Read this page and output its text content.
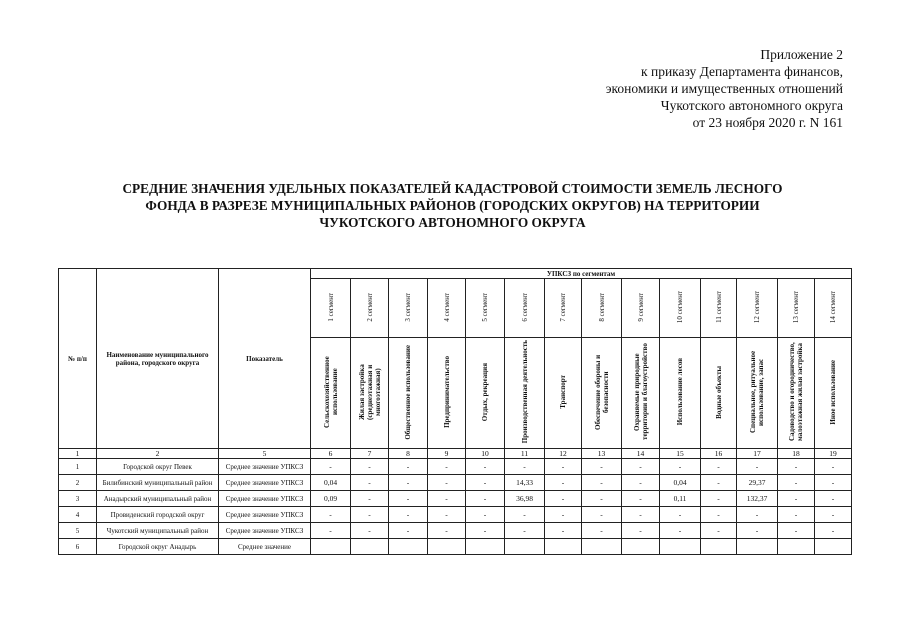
Приложение 2
к приказу Департамента финансов,
экономики и имущественных отношений
Чукотского автономного округа
от 23 ноября 2020 г. N 161
СРЕДНИЕ ЗНАЧЕНИЯ УДЕЛЬНЫХ ПОКАЗАТЕЛЕЙ КАДАСТРОВОЙ СТОИМОСТИ ЗЕМЕЛЬ ЛЕСНОГО
ФОНДА В РАЗРЕЗЕ МУНИЦИПАЛЬНЫХ РАЙОНОВ (ГОРОДСКИХ ОКРУГОВ) НА ТЕРРИТОРИИ
ЧУКОТСКОГО АВТОНОМНОГО ОКРУГА
№ п/п	Наименование муниципального района, городского округа	Показатель	УПКСЗ по сегментам													
			1 сегмент	2 сегмент	3 сегмент	4 сегмент	5 сегмент	6 сегмент	7 сегмент	8 сегмент	9 сегмент	10 сегмент	11 сегмент	12 сегмент	13 сегмент	14 сегмент
			Сельскохозяйственное использование	Жилая застройка (среднеэтажная и многоэтажная)	Общественное использование	Предпринимательство	Отдых, рекреация	Производственная деятельность	Транспорт	Обеспечение обороны и безопасности	Охраняемые природные территории и благоустройство	Использование лесов	Водные объекты	Специальное, ритуальное использование, запас	Садоводство и огородничество, малоэтажная жилая застройка	Иное использование
1	2	5	6	7	8	9	10	11	12	13	14	15	16	17	18	19
1	Городской округ Певек	Среднее значение УПКСЗ	-	-	-	-	-	-	-	-	-	-	-	-	-	-
2	Билибинский муниципальный район	Среднее значение УПКСЗ	0,04	-	-	-	-	14,33	-	-	-	0,04	-	29,37	-	-
3	Анадырский муниципальный район	Среднее значение УПКСЗ	0,09	-	-	-	-	36,98	-	-	-	0,11	-	132,37	-	-
4	Провиденский городской округ	Среднее значение УПКСЗ	-	-	-	-	-	-	-	-	-	-	-	-	-	-
5	Чукотский муниципальный район	Среднее значение УПКСЗ	-	-	-	-	-	-	-	-	-	-	-	-	-	-
6	Городской округ Анадырь	Среднее значение														
